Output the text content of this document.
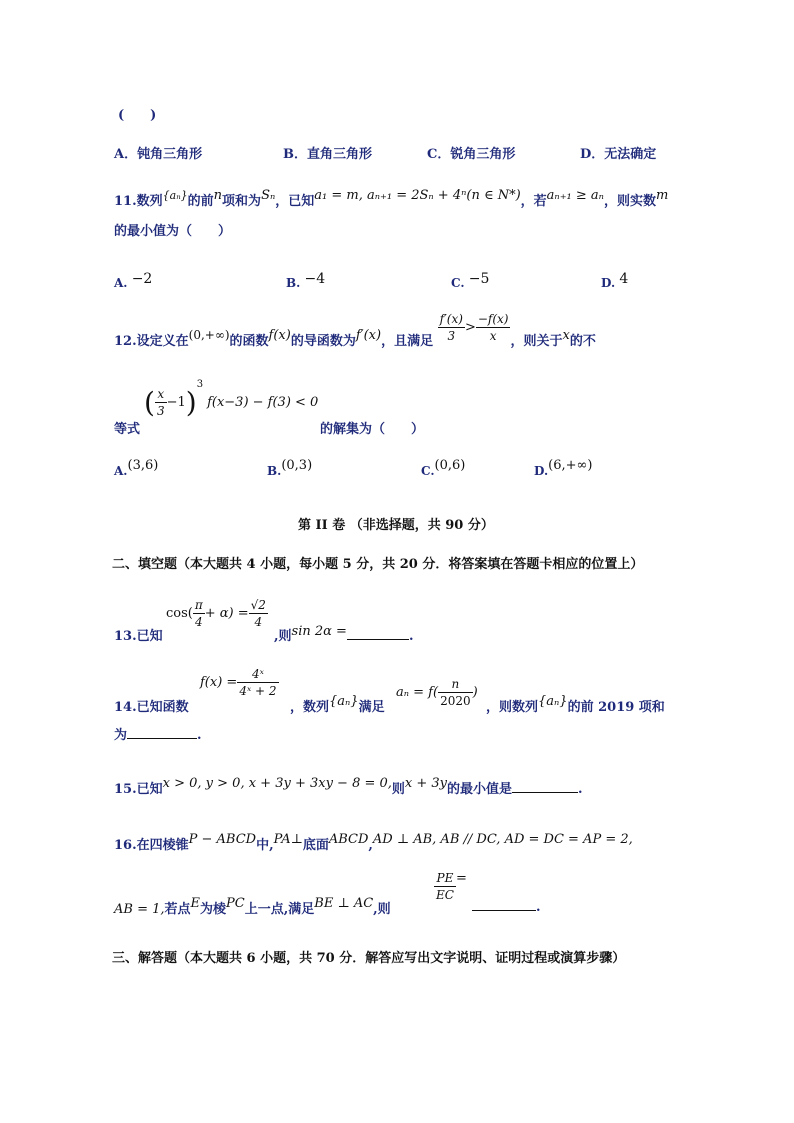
(　　)
A．钝角三角形	B．直角三角形	C．锐角三角形	D．无法确定
11.数列$^{\{a_n\}}$的前n项和为Sₙ，已知a₁ = m, aₙ₊₁ = 2Sₙ + 4ⁿ(n ∈ N*)，若aₙ₊₁ ≥ aₙ，则实数m
的最小值为（　　）
A. −2	B. −4	C. −5	D. 4
12.设定义在(0,+∞)的函数f(x)的导函数为f′(x)，且满足 $\frac{f'(x)}{3} > \frac{-f(x)}{x}$ ，则关于x的不
等式
( $\frac{x}{3} -1)^3f(x-3) - f(3) < 0$
的解集为（　　）
A.(3,6)	B.(0,3)	C.(0,6)	D.(6,+∞)
第 II 卷 （非选择题，共 90 分）
二、填空题（本大题共 4 小题，每小题 5 分，共 20 分．将答案填在答题卡相应的位置上）
13.已知
$\cos( \frac{\pi}{4} + \alpha) = \frac{√2}{4}$
,则sin 2α =	.
14.已知函数
$f(x) = \frac{\text{4ˣ}}{\text{4ˣ + 2}}$
，数列{aₙ}满足
$a_n = f( \frac{n}{2020}$ )
，则数列{aₙ}的前 2019 项和
为	.
15.已知x > 0, y > 0, x + 3y + 3xy − 8 = 0,则x + 3y的最小值是	.
16.在四棱锥P − ABCD中,PA⊥底面ABCD,AD ⊥ AB, AB // DC, AD = DC = AP = 2,
AB = 1,若点E为棱PC上一点,满足BE ⊥ AC,则
$\frac{PE}{EC}$ =
.
三、解答题（本大题共 6 小题，共 70 分．解答应写出文字说明、证明过程或演算步骤）
